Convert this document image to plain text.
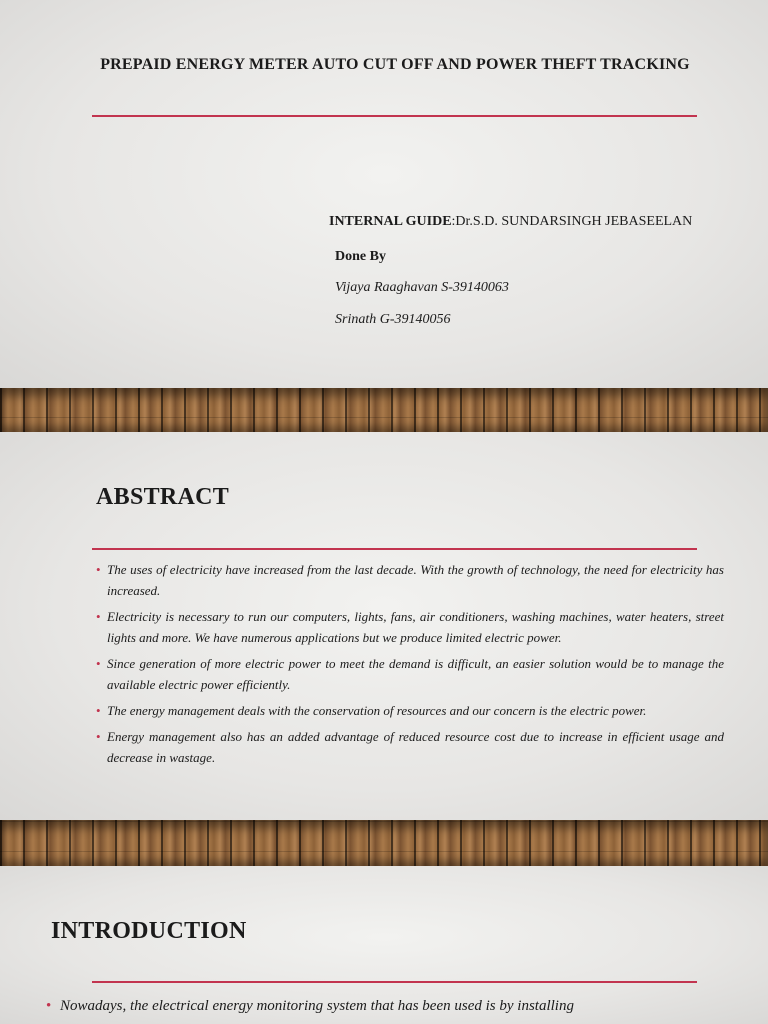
PREPAID ENERGY METER AUTO CUT OFF AND POWER THEFT TRACKING
INTERNAL GUIDE:Dr.S.D. SUNDARSINGH JEBASEELAN
Done By
Vijaya Raaghavan S-39140063
Srinath G-39140056
ABSTRACT
• The uses of electricity have increased from the last decade. With the growth of technology, the need for electricity has increased.
• Electricity is necessary to run our computers, lights, fans, air conditioners, washing machines, water heaters, street lights and more. We have numerous applications but we produce limited electric power.
• Since generation of more electric power to meet the demand is difficult, an easier solution would be to manage the available electric power efficiently.
• The energy management deals with the conservation of resources and our concern is the electric power.
• Energy management also has an added advantage of reduced resource cost due to increase in efficient usage and decrease in wastage.
INTRODUCTION
• Nowadays, the electrical energy monitoring system that has been used is by installing
